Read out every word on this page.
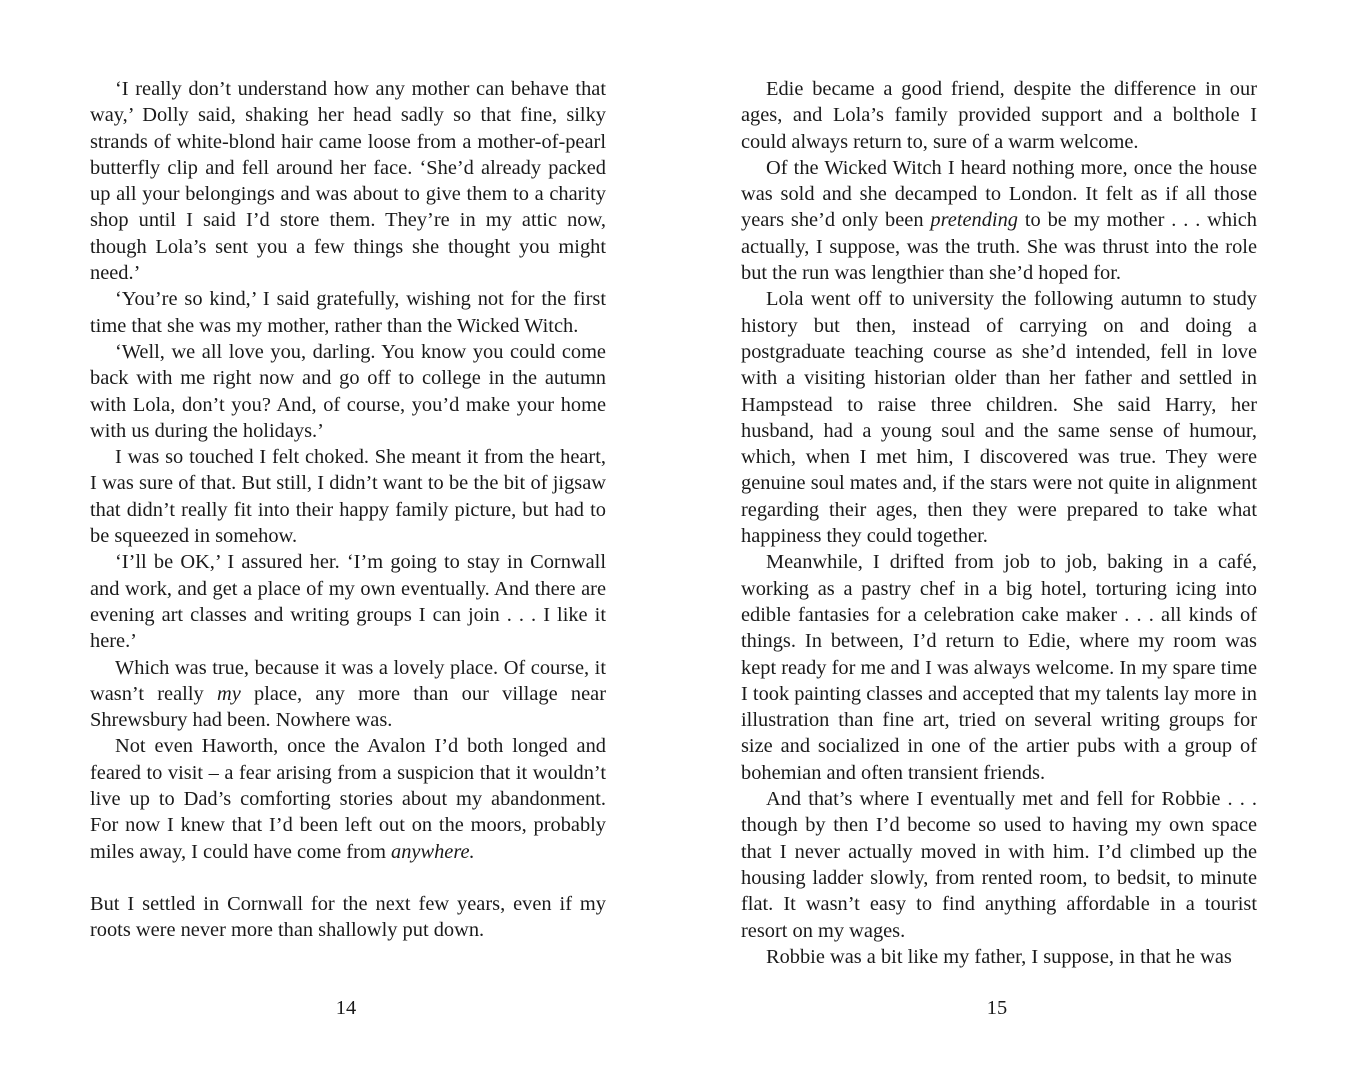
‘I really don’t understand how any mother can behave that way,’ Dolly said, shaking her head sadly so that fine, silky strands of white-blond hair came loose from a mother-of-pearl butterfly clip and fell around her face. ‘She’d already packed up all your belongings and was about to give them to a charity shop until I said I’d store them. They’re in my attic now, though Lola’s sent you a few things she thought you might need.’

‘You’re so kind,’ I said gratefully, wishing not for the first time that she was my mother, rather than the Wicked Witch.

‘Well, we all love you, darling. You know you could come back with me right now and go off to college in the autumn with Lola, don’t you? And, of course, you’d make your home with us during the holidays.’

I was so touched I felt choked. She meant it from the heart, I was sure of that. But still, I didn’t want to be the bit of jigsaw that didn’t really fit into their happy family picture, but had to be squeezed in somehow.

‘I’ll be OK,’ I assured her. ‘I’m going to stay in Cornwall and work, and get a place of my own eventually. And there are evening art classes and writing groups I can join . . . I like it here.’

Which was true, because it was a lovely place. Of course, it wasn’t really my place, any more than our village near Shrewsbury had been. Nowhere was.

Not even Haworth, once the Avalon I’d both longed and feared to visit – a fear arising from a suspicion that it wouldn’t live up to Dad’s comforting stories about my abandonment. For now I knew that I’d been left out on the moors, probably miles away, I could have come from anywhere.

But I settled in Cornwall for the next few years, even if my roots were never more than shallowly put down.

14

Edie became a good friend, despite the difference in our ages, and Lola’s family provided support and a bolthole I could always return to, sure of a warm welcome.

Of the Wicked Witch I heard nothing more, once the house was sold and she decamped to London. It felt as if all those years she’d only been pretending to be my mother . . . which actually, I suppose, was the truth. She was thrust into the role but the run was lengthier than she’d hoped for.

Lola went off to university the following autumn to study history but then, instead of carrying on and doing a postgraduate teaching course as she’d intended, fell in love with a visiting historian older than her father and settled in Hampstead to raise three children. She said Harry, her husband, had a young soul and the same sense of humour, which, when I met him, I discovered was true. They were genuine soul mates and, if the stars were not quite in alignment regarding their ages, then they were prepared to take what happiness they could together.

Meanwhile, I drifted from job to job, baking in a café, working as a pastry chef in a big hotel, torturing icing into edible fantasies for a celebration cake maker . . . all kinds of things. In between, I’d return to Edie, where my room was kept ready for me and I was always welcome. In my spare time I took painting classes and accepted that my talents lay more in illustration than fine art, tried on several writing groups for size and socialized in one of the artier pubs with a group of bohemian and often transient friends.

And that’s where I eventually met and fell for Robbie . . . though by then I’d become so used to having my own space that I never actually moved in with him. I’d climbed up the housing ladder slowly, from rented room, to bedsit, to minute flat. It wasn’t easy to find anything affordable in a tourist resort on my wages.

Robbie was a bit like my father, I suppose, in that he was

15
